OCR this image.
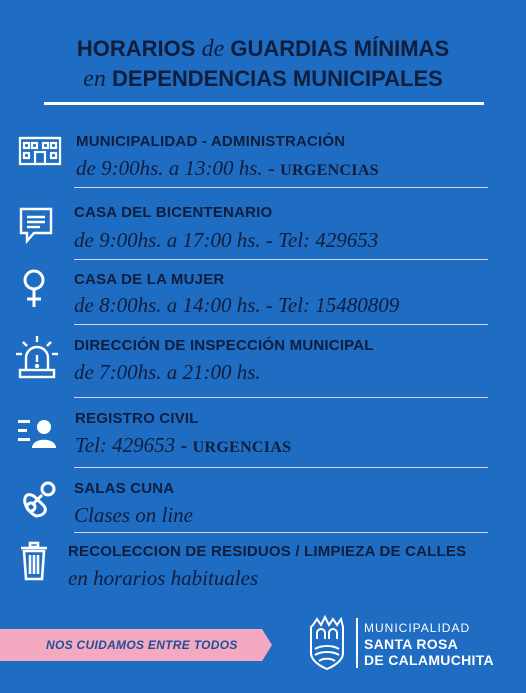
HORARIOS de GUARDIAS MÍNIMAS
en DEPENDENCIAS MUNICIPALES
MUNICIPALIDAD - ADMINISTRACIÓN
de 9:00hs. a 13:00 hs. - URGENCIAS
CASA DEL BICENTENARIO
de 9:00hs. a 17:00 hs. - Tel: 429653
CASA DE LA MUJER
de 8:00hs. a 14:00 hs. - Tel: 15480809
DIRECCIÓN DE INSPECCIÓN MUNICIPAL
de 7:00hs. a 21:00 hs.
REGISTRO CIVIL
Tel: 429653 - URGENCIAS
SALAS CUNA
Clases on line
RECOLECCION DE RESIDUOS / LIMPIEZA DE CALLES
en horarios habituales
NOS CUIDAMOS ENTRE TODOS
MUNICIPALIDAD
SANTA ROSA
DE CALAMUCHITA
